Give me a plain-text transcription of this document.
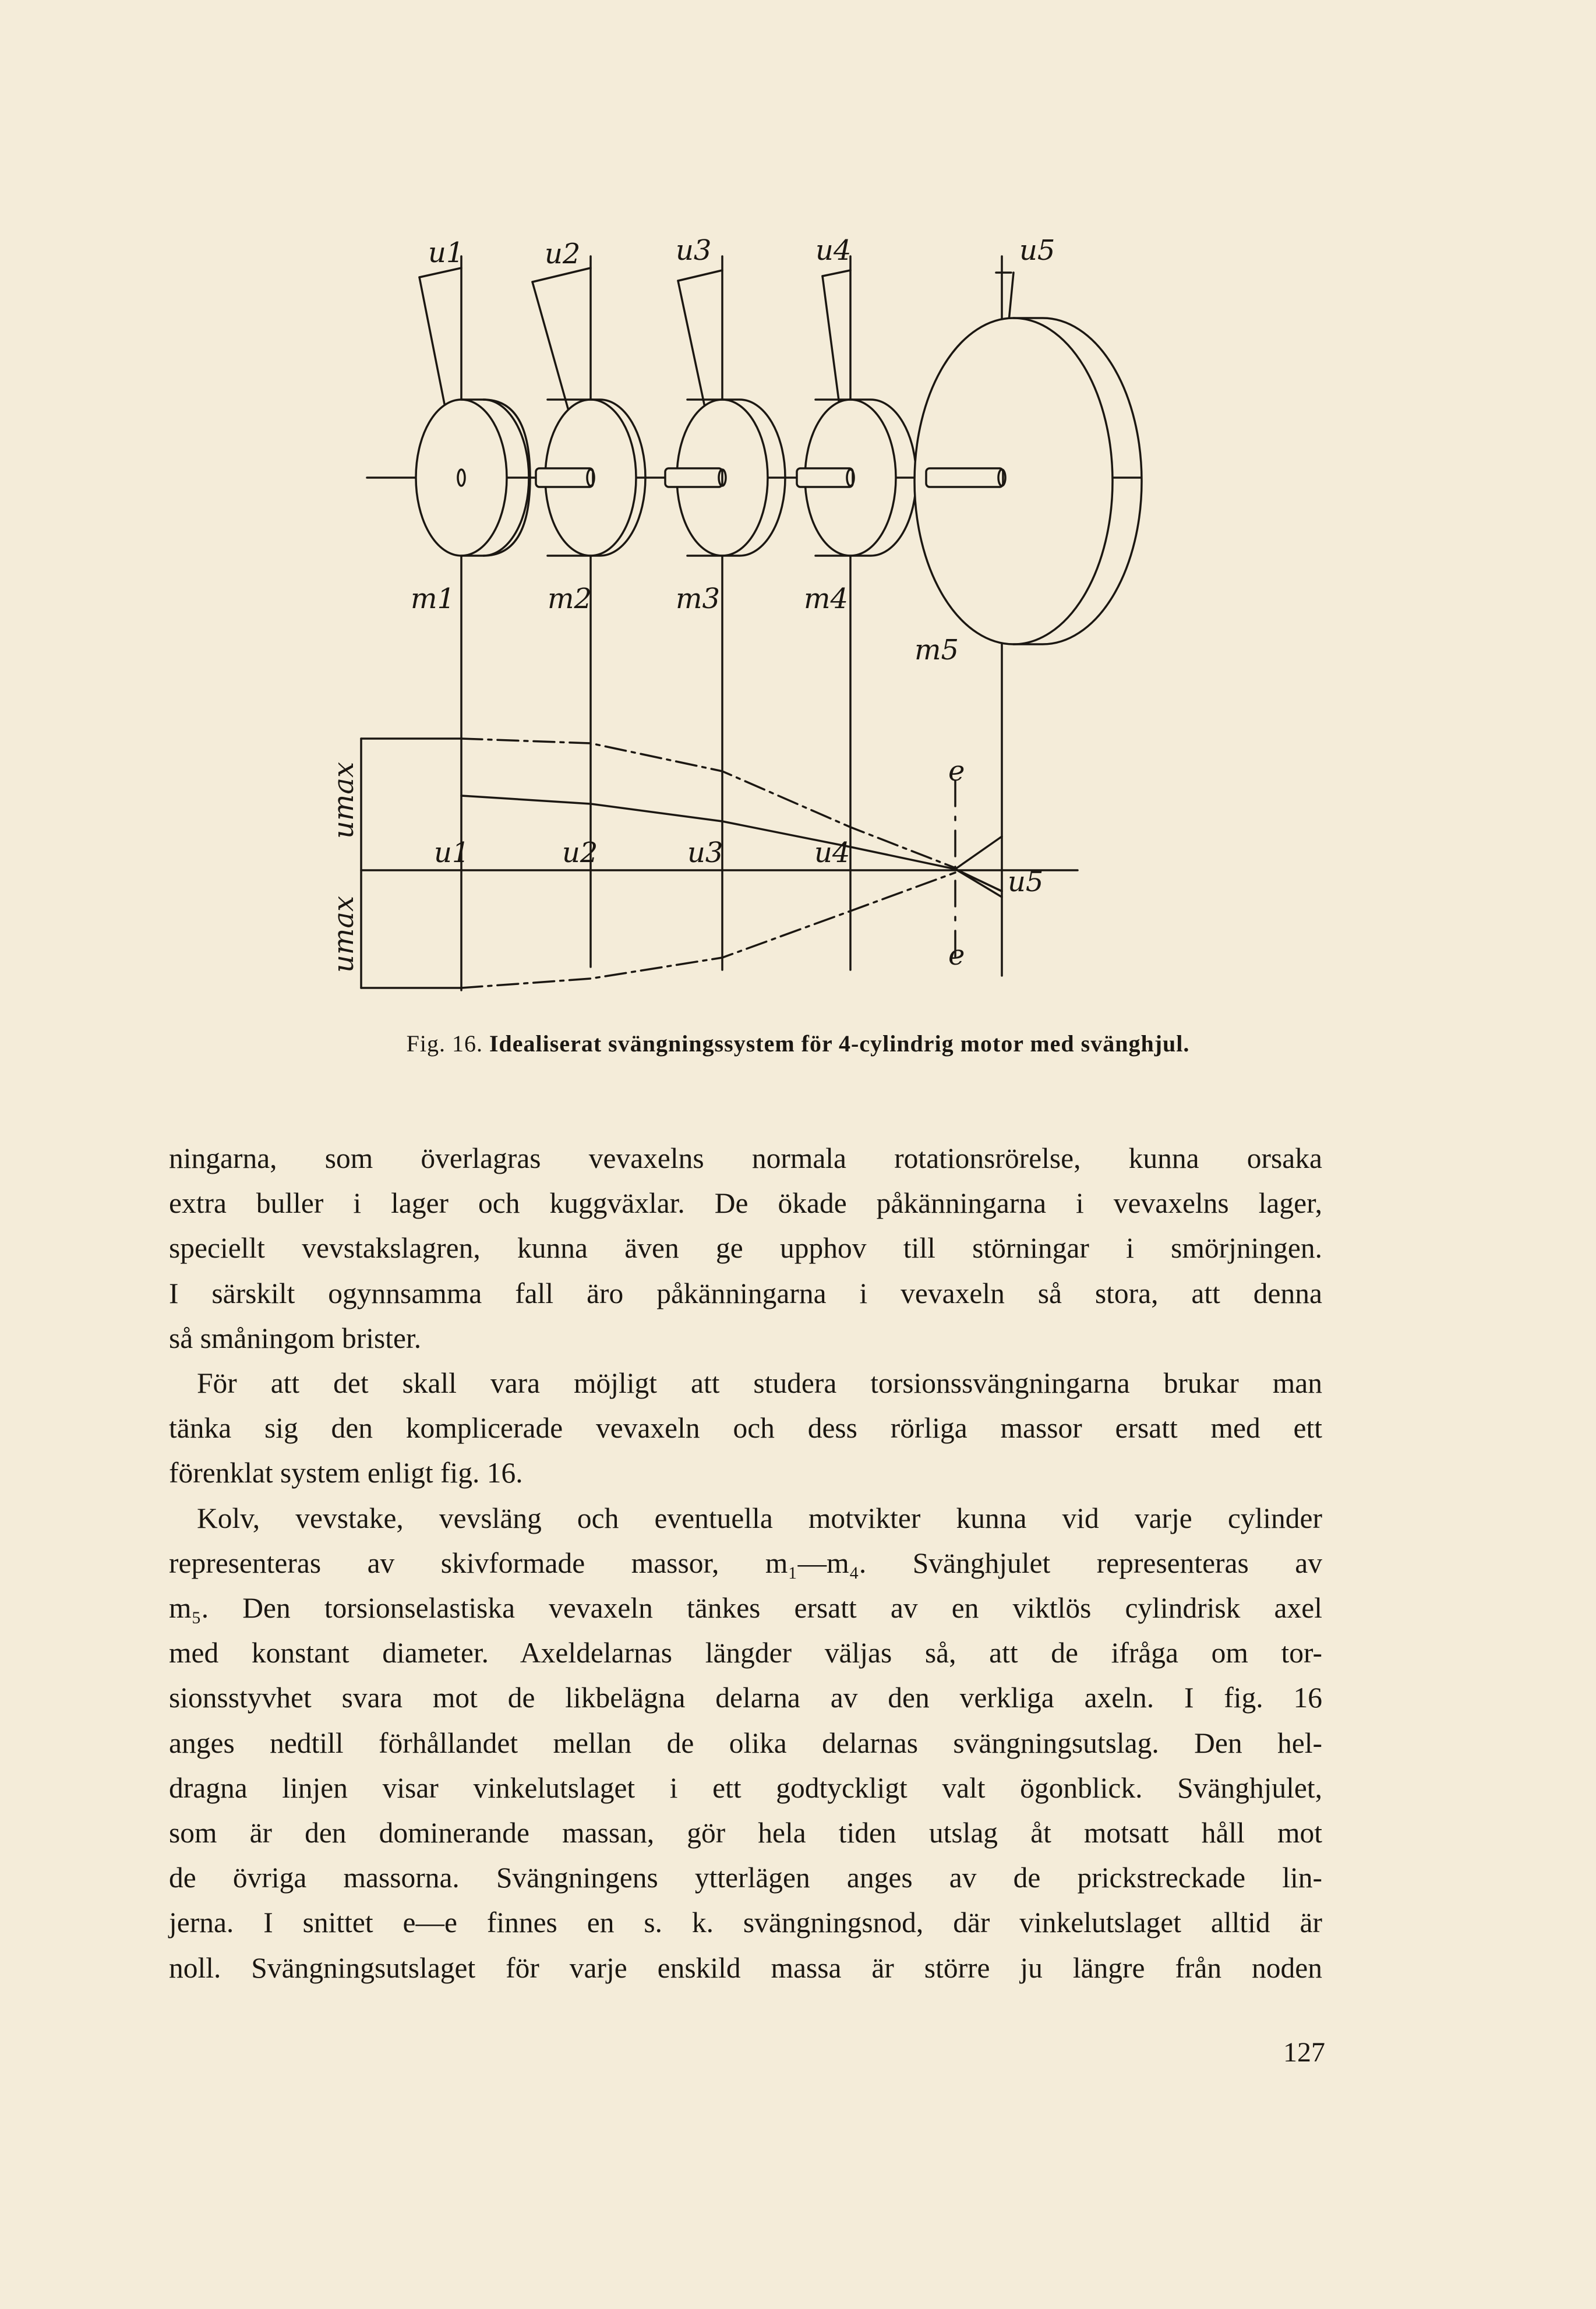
u1	u2	u3	u4	u5
m1	m2	m3	m4
m5
u1	u2	u3	u4
u5
e
e
umax
umax
Fig. 16. Idealiserat svängningssystem för 4-cylindrig motor med svänghjul.

ningarna, som överlagras vevaxelns normala rotationsrörelse, kunna orsaka
extra buller i lager och kuggväxlar. De ökade påkänningarna i vevaxelns lager,
speciellt vevstakslagren, kunna även ge upphov till störningar i smörjningen.
I särskilt ogynnsamma fall äro påkänningarna i vevaxeln så stora, att denna
så småningom brister.

För att det skall vara möjligt att studera torsionssvängningarna brukar man
tänka sig den komplicerade vevaxeln och dess rörliga massor ersatt med ett
förenklat system enligt fig. 16.

Kolv, vevstake, vevsläng och eventuella motvikter kunna vid varje cylinder
representeras av skivformade massor, m₁—m₄. Svänghjulet representeras av
m₅. Den torsionselastiska vevaxeln tänkes ersatt av en viktlös cylindrisk axel
med konstant diameter. Axeldelarnas längder väljas så, att de ifråga om tor-
sionsstyvhet svara mot de likbelägna delarna av den verkliga axeln. I fig. 16
anges nedtill förhållandet mellan de olika delarnas svängningsutslag. Den hel-
dragna linjen visar vinkelutslaget i ett godtyckligt valt ögonblick. Svänghjulet,
som är den dominerande massan, gör hela tiden utslag åt motsatt håll mot
de övriga massorna. Svängningens ytterlägen anges av de prickstreckade lin-
jerna. I snittet e—e finnes en s. k. svängningsnod, där vinkelutslaget alltid är
noll. Svängningsutslaget för varje enskild massa är större ju längre från noden

127
